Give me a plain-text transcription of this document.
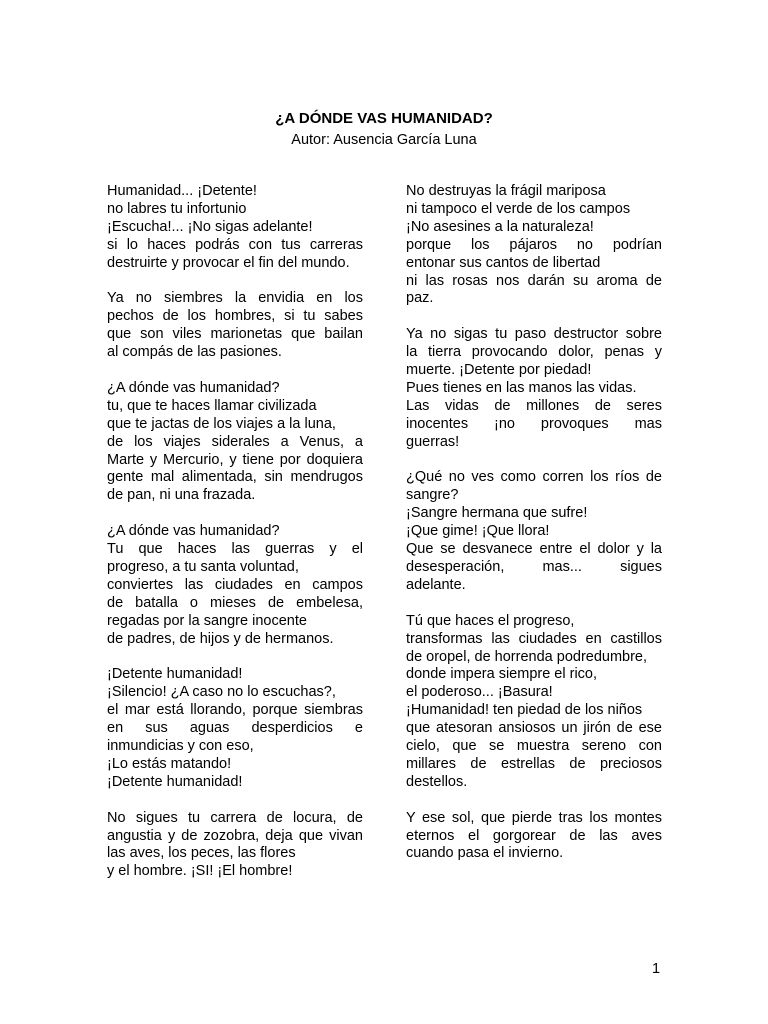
¿A DÓNDE VAS HUMANIDAD?
Autor: Ausencia García Luna
Humanidad... ¡Detente!
no labres tu infortunio
¡Escucha!... ¡No sigas adelante!
si lo haces podrás con tus carreras
destruirte y provocar el fin del mundo.
Ya no siembres la envidia en los
pechos de los hombres, si tu sabes
que son viles marionetas que bailan
al compás de las pasiones.
¿A dónde vas humanidad?
tu, que te haces llamar civilizada
que te jactas de los viajes a la luna,
de los viajes siderales a Venus, a
Marte y Mercurio, y tiene por doquiera
gente mal alimentada, sin mendrugos
de pan, ni una frazada.
¿A dónde vas humanidad?
Tu que haces las guerras y el
progreso, a tu santa voluntad,
conviertes las ciudades en campos
de batalla o mieses de embelesa,
regadas por la sangre inocente
de padres, de hijos y de hermanos.
¡Detente humanidad!
¡Silencio! ¿A caso no lo escuchas?,
el mar está llorando, porque siembras
en sus aguas desperdicios e
inmundicias y con eso,
¡Lo estás matando!
¡Detente humanidad!
No sigues tu carrera de locura, de
angustia y de zozobra, deja que vivan
las aves, los peces, las flores
y el hombre. ¡SI! ¡El hombre!
No destruyas la frágil mariposa
ni tampoco el verde de los campos
¡No asesines a la naturaleza!
porque los pájaros no podrían
entonar sus cantos de libertad
ni las rosas nos darán su aroma de
paz.
Ya no sigas tu paso destructor sobre
la tierra provocando dolor, penas y
muerte. ¡Detente por piedad!
Pues tienes en las manos las vidas.
Las vidas de millones de seres
inocentes ¡no provoques mas
guerras!
¿Qué no ves como corren los ríos de
sangre?
¡Sangre hermana que sufre!
¡Que gime! ¡Que llora!
Que se desvanece entre el dolor y la
desesperación, mas... sigues
adelante.
Tú que haces el progreso,
transformas las ciudades en castillos
de oropel, de horrenda podredumbre,
donde impera siempre el rico,
el poderoso... ¡Basura!
¡Humanidad! ten piedad de los niños
que atesoran ansiosos un jirón de ese
cielo, que se muestra sereno con
millares de estrellas de preciosos
destellos.
Y ese sol, que pierde tras los montes
eternos el gorgorear de las aves
cuando pasa el invierno.
1
